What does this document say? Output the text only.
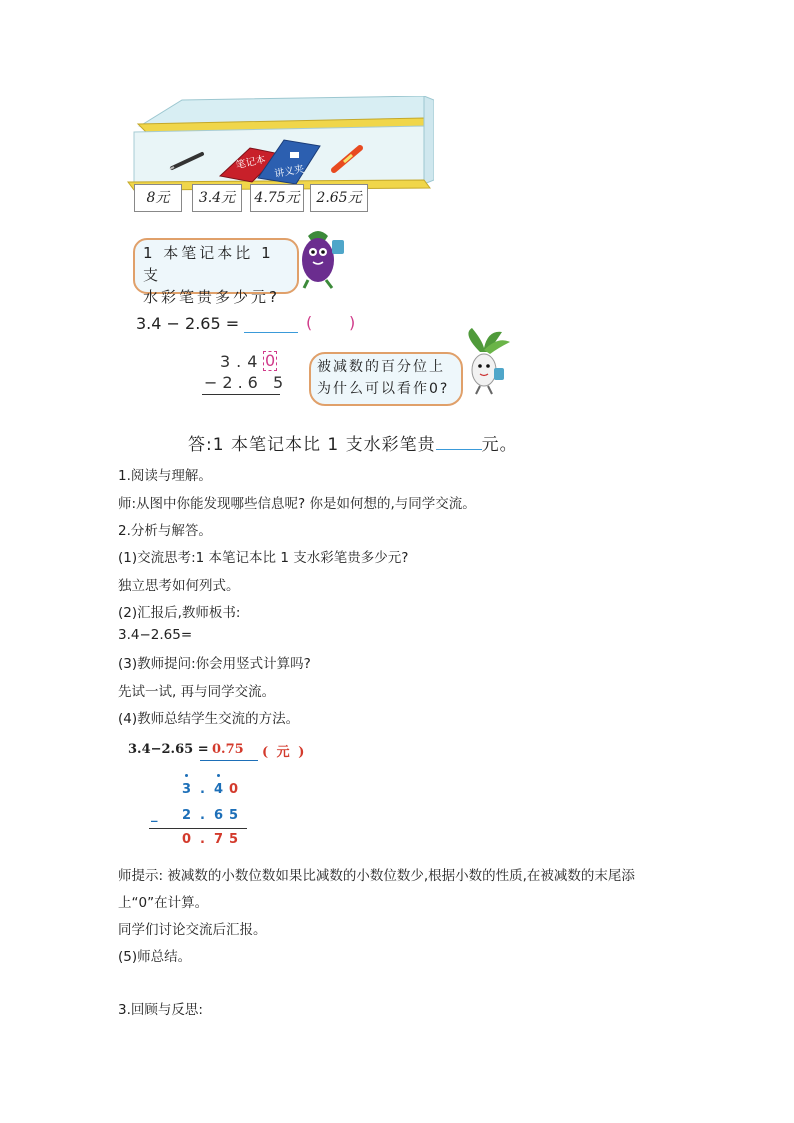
笔记本
讲义夹
8元	3.4元	4.75元	2.65元
1 本笔记本比 1 支
水彩笔贵多少元?
3.4 − 2.65 =	( )
3.4 0
−2.6 5
被减数的百分位上
为什么可以看作0?
答:1 本笔记本比 1 支水彩笔贵	元。
1.阅读与理解。
师:从图中你能发现哪些信息呢? 你是如何想的,与同学交流。
2.分析与解答。
(1)交流思考:1 本笔记本比 1 支水彩笔贵多少元?
独立思考如何列式。
(2)汇报后,教师板书:
3.4−2.65=
(3)教师提问:你会用竖式计算吗?
先试一试, 再与同学交流。
(4)教师总结学生交流的方法。
3.4−2.65 = 0.75 ( 元 )
3 . 4 0
_ 2 . 6 5
0 . 7 5
师提示: 被减数的小数位数如果比减数的小数位数少,根据小数的性质,在被减数的末尾添
上“0”在计算。
同学们讨论交流后汇报。
(5)师总结。
3.回顾与反思:
